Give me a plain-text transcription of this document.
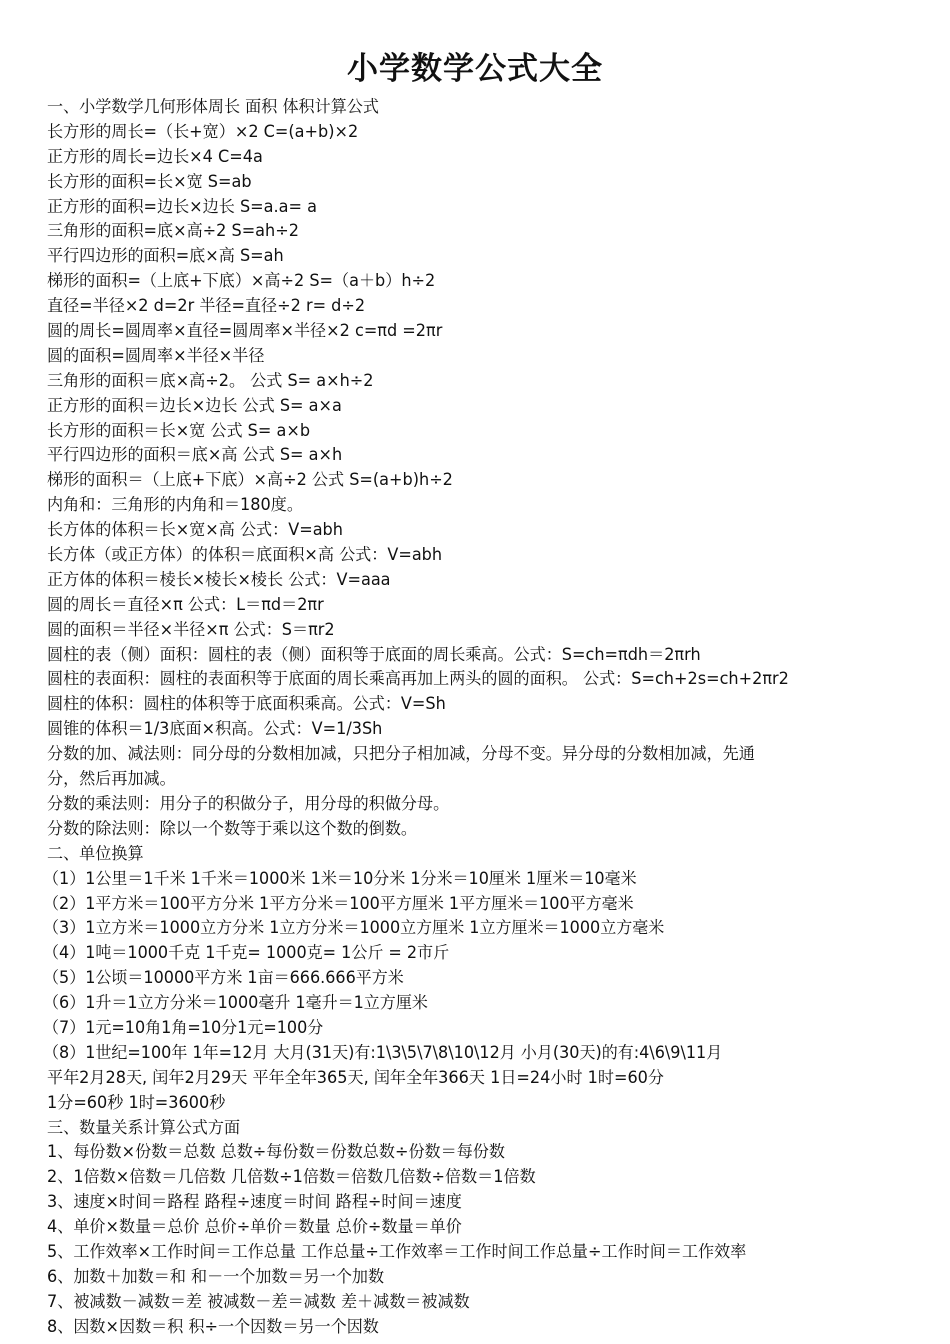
小学数学公式大全
一、小学数学几何形体周长 面积 体积计算公式
长方形的周长=（长+宽）×2 C=(a+b)×2
正方形的周长=边长×4 C=4a
长方形的面积=长×宽 S=ab
正方形的面积=边长×边长 S=a.a= a
三角形的面积=底×高÷2 S=ah÷2
平行四边形的面积=底×高 S=ah
梯形的面积=（上底+下底）×高÷2 S=（a＋b）h÷2
直径=半径×2 d=2r 半径=直径÷2 r= d÷2
圆的周长=圆周率×直径=圆周率×半径×2 c=πd =2πr
圆的面积=圆周率×半径×半径
三角形的面积＝底×高÷2。 公式 S= a×h÷2
正方形的面积＝边长×边长 公式 S= a×a
长方形的面积＝长×宽 公式 S= a×b
平行四边形的面积＝底×高 公式 S= a×h
梯形的面积＝（上底+下底）×高÷2 公式 S=(a+b)h÷2
内角和：三角形的内角和＝180度。
长方体的体积＝长×宽×高 公式：V=abh
长方体（或正方体）的体积＝底面积×高 公式：V=abh
正方体的体积＝棱长×棱长×棱长 公式：V=aaa
圆的周长＝直径×π 公式：L＝πd＝2πr
圆的面积＝半径×半径×π 公式：S＝πr2
圆柱的表（侧）面积：圆柱的表（侧）面积等于底面的周长乘高。公式：S=ch=πdh＝2πrh
圆柱的表面积：圆柱的表面积等于底面的周长乘高再加上两头的圆的面积。 公式：S=ch+2s=ch+2πr2
圆柱的体积：圆柱的体积等于底面积乘高。公式：V=Sh
圆锥的体积＝1/3底面×积高。公式：V=1/3Sh
分数的加、减法则：同分母的分数相加减，只把分子相加减，分母不变。异分母的分数相加减，先通
分，然后再加减。
分数的乘法则：用分子的积做分子，用分母的积做分母。
分数的除法则：除以一个数等于乘以这个数的倒数。
二、单位换算
（1）1公里＝1千米 1千米＝1000米 1米＝10分米 1分米＝10厘米 1厘米＝10毫米
（2）1平方米＝100平方分米 1平方分米＝100平方厘米 1平方厘米＝100平方毫米
（3）1立方米＝1000立方分米 1立方分米＝1000立方厘米 1立方厘米＝1000立方毫米
（4）1吨＝1000千克 1千克= 1000克= 1公斤 = 2市斤
（5）1公顷＝10000平方米 1亩＝666.666平方米
（6）1升＝1立方分米＝1000毫升 1毫升＝1立方厘米
（7）1元=10角1角=10分1元=100分
（8）1世纪=100年 1年=12月 大月(31天)有:1\3\5\7\8\10\12月 小月(30天)的有:4\6\9\11月
平年2月28天, 闰年2月29天 平年全年365天, 闰年全年366天 1日=24小时 1时=60分
1分=60秒 1时=3600秒
三、数量关系计算公式方面
1、每份数×份数＝总数 总数÷每份数＝份数总数÷份数＝每份数
2、1倍数×倍数＝几倍数 几倍数÷1倍数＝倍数几倍数÷倍数＝1倍数
3、速度×时间＝路程 路程÷速度＝时间 路程÷时间＝速度
4、单价×数量＝总价 总价÷单价＝数量 总价÷数量＝单价
5、工作效率×工作时间＝工作总量 工作总量÷工作效率＝工作时间工作总量÷工作时间＝工作效率
6、加数＋加数＝和 和－一个加数＝另一个加数
7、被减数－减数＝差 被减数－差＝减数 差＋减数＝被减数
8、因数×因数＝积 积÷一个因数＝另一个因数
